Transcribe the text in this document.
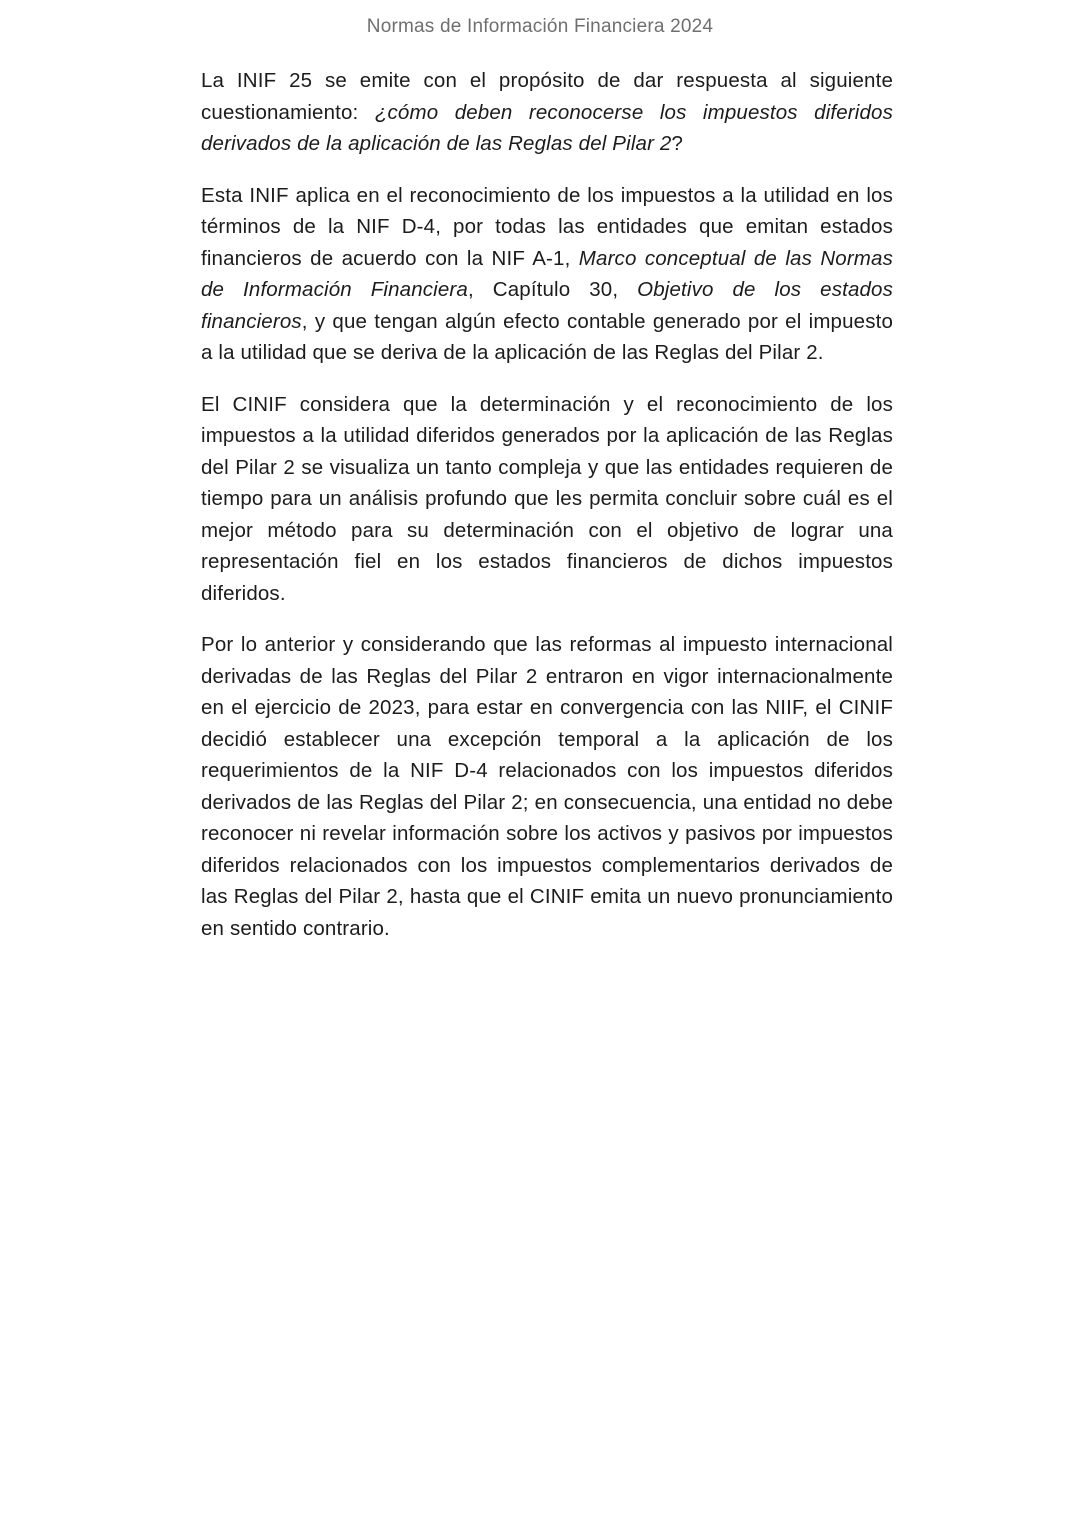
Normas de Información Financiera 2024

La INIF 25 se emite con el propósito de dar respuesta al siguiente cuestionamiento: ¿cómo deben reconocerse los impuestos diferidos derivados de la aplicación de las Reglas del Pilar 2?

Esta INIF aplica en el reconocimiento de los impuestos a la utilidad en los términos de la NIF D-4, por todas las entidades que emitan estados financieros de acuerdo con la NIF A-1, Marco conceptual de las Normas de Información Financiera, Capítulo 30, Objetivo de los estados financieros, y que tengan algún efecto contable generado por el impuesto a la utilidad que se deriva de la aplicación de las Reglas del Pilar 2.

El CINIF considera que la determinación y el reconocimiento de los impuestos a la utilidad diferidos generados por la aplicación de las Reglas del Pilar 2 se visualiza un tanto compleja y que las entidades requieren de tiempo para un análisis profundo que les permita concluir sobre cuál es el mejor método para su determinación con el objetivo de lograr una representación fiel en los estados financieros de dichos impuestos diferidos.

Por lo anterior y considerando que las reformas al impuesto internacional derivadas de las Reglas del Pilar 2 entraron en vigor internacionalmente en el ejercicio de 2023, para estar en convergencia con las NIIF, el CINIF decidió establecer una excepción temporal a la aplicación de los requerimientos de la NIF D-4 relacionados con los impuestos diferidos derivados de las Reglas del Pilar 2; en consecuencia, una entidad no debe reconocer ni revelar información sobre los activos y pasivos por impuestos diferidos relacionados con los impuestos complementarios derivados de las Reglas del Pilar 2, hasta que el CINIF emita un nuevo pronunciamiento en sentido contrario.
